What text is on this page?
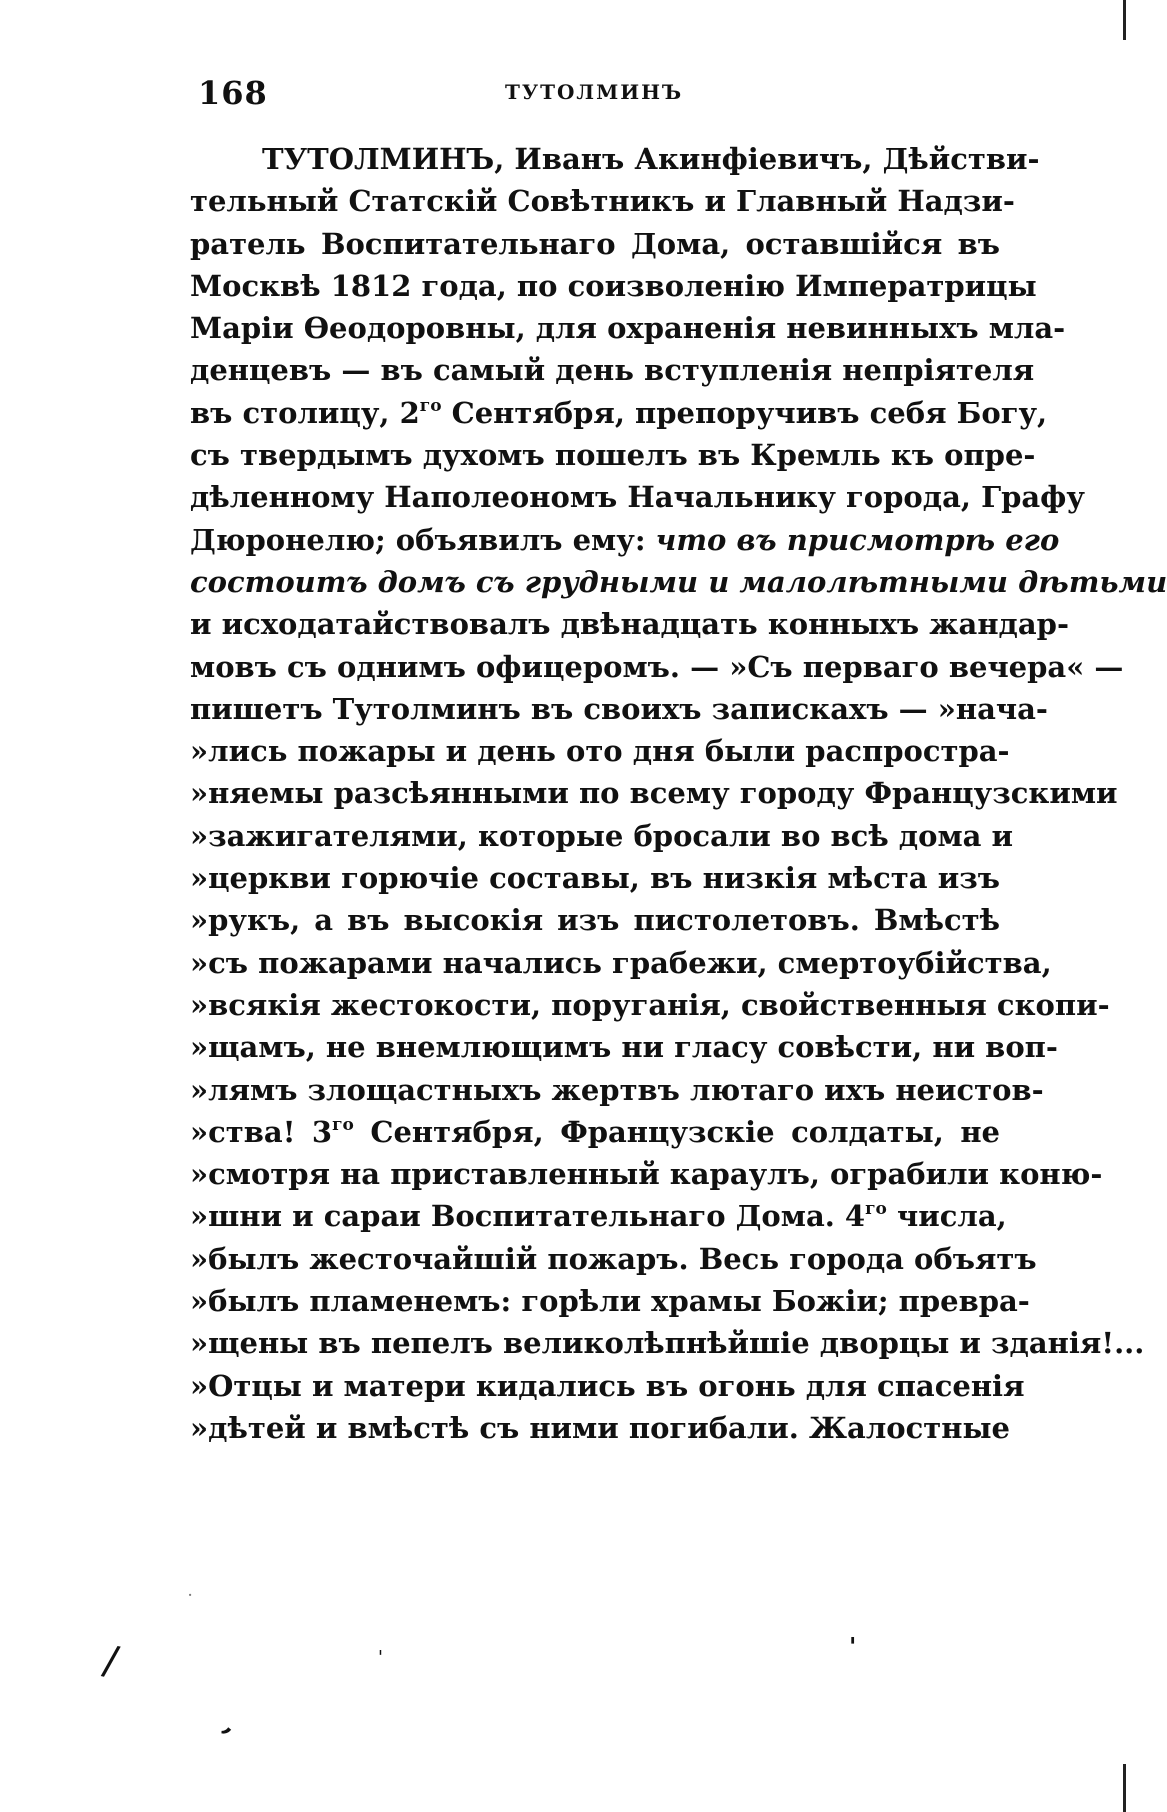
168	ТУТОЛМИНЪ
ТУТОЛМИНЪ, Иванъ Акинфіевичъ, Дѣйстви-
тельный Статскій Совѣтникъ и Главный Надзи-
ратель Воспитательнаго Дома, оставшійся въ
Москвѣ 1812 года, по соизволенію Императрицы
Маріи Ѳеодоровны, для охраненія невинныхъ мла-
денцевъ — въ самый день вступленія непріятеля
въ столицу, $2^{го}$ Сентября, препоручивъ себя Богу,
съ твердымъ духомъ пошелъ въ Кремль къ опре-
дѣленному Наполеономъ Начальнику города, Графу
Дюронелю; объявилъ ему: что въ присмотрѣ его
состоитъ домъ съ грудными и малолѣтными дѣтьми
и исходатайствовалъ двѣнадцать конныхъ жандар-
мовъ съ однимъ офицеромъ. — »Съ перваго вечера« —
пишетъ Тутолминъ въ своихъ запискахъ — »нача-
»лись пожары и день ото дня были распростра-
»няемы разсѣянными по всему городу Французскими
»зажигателями, которые бросали во всѣ дома и
»церкви горючіе составы, въ низкія мѣста изъ
»рукъ, а въ высокія изъ пистолетовъ. Вмѣстѣ
»съ пожарами начались грабежи, смертоубійства,
»всякія жестокости, поруганія, свойственныя скопи-
»щамъ, не внемлющимъ ни гласу совѣсти, ни воп-
»лямъ злощастныхъ жертвъ лютаго ихъ неистов-
»ства! $3^{го}$ Сентября, Французскіе солдаты, не
»смотря на приставленный караулъ, ограбили коню-
»шни и сараи Воспитательнаго Дома. $4^{го}$ числа,
»былъ жесточайшій пожаръ. Весь города объятъ
»былъ пламенемъ: горѣли храмы Божіи; превра-
»щены въ пепелъ великолѣпнѣйшіе дворцы и зданія!...
»Отцы и матери кидались въ огонь для спасенія
»дѣтей и вмѣстѣ съ ними погибали. Жалостные
/	'	'
,
·
